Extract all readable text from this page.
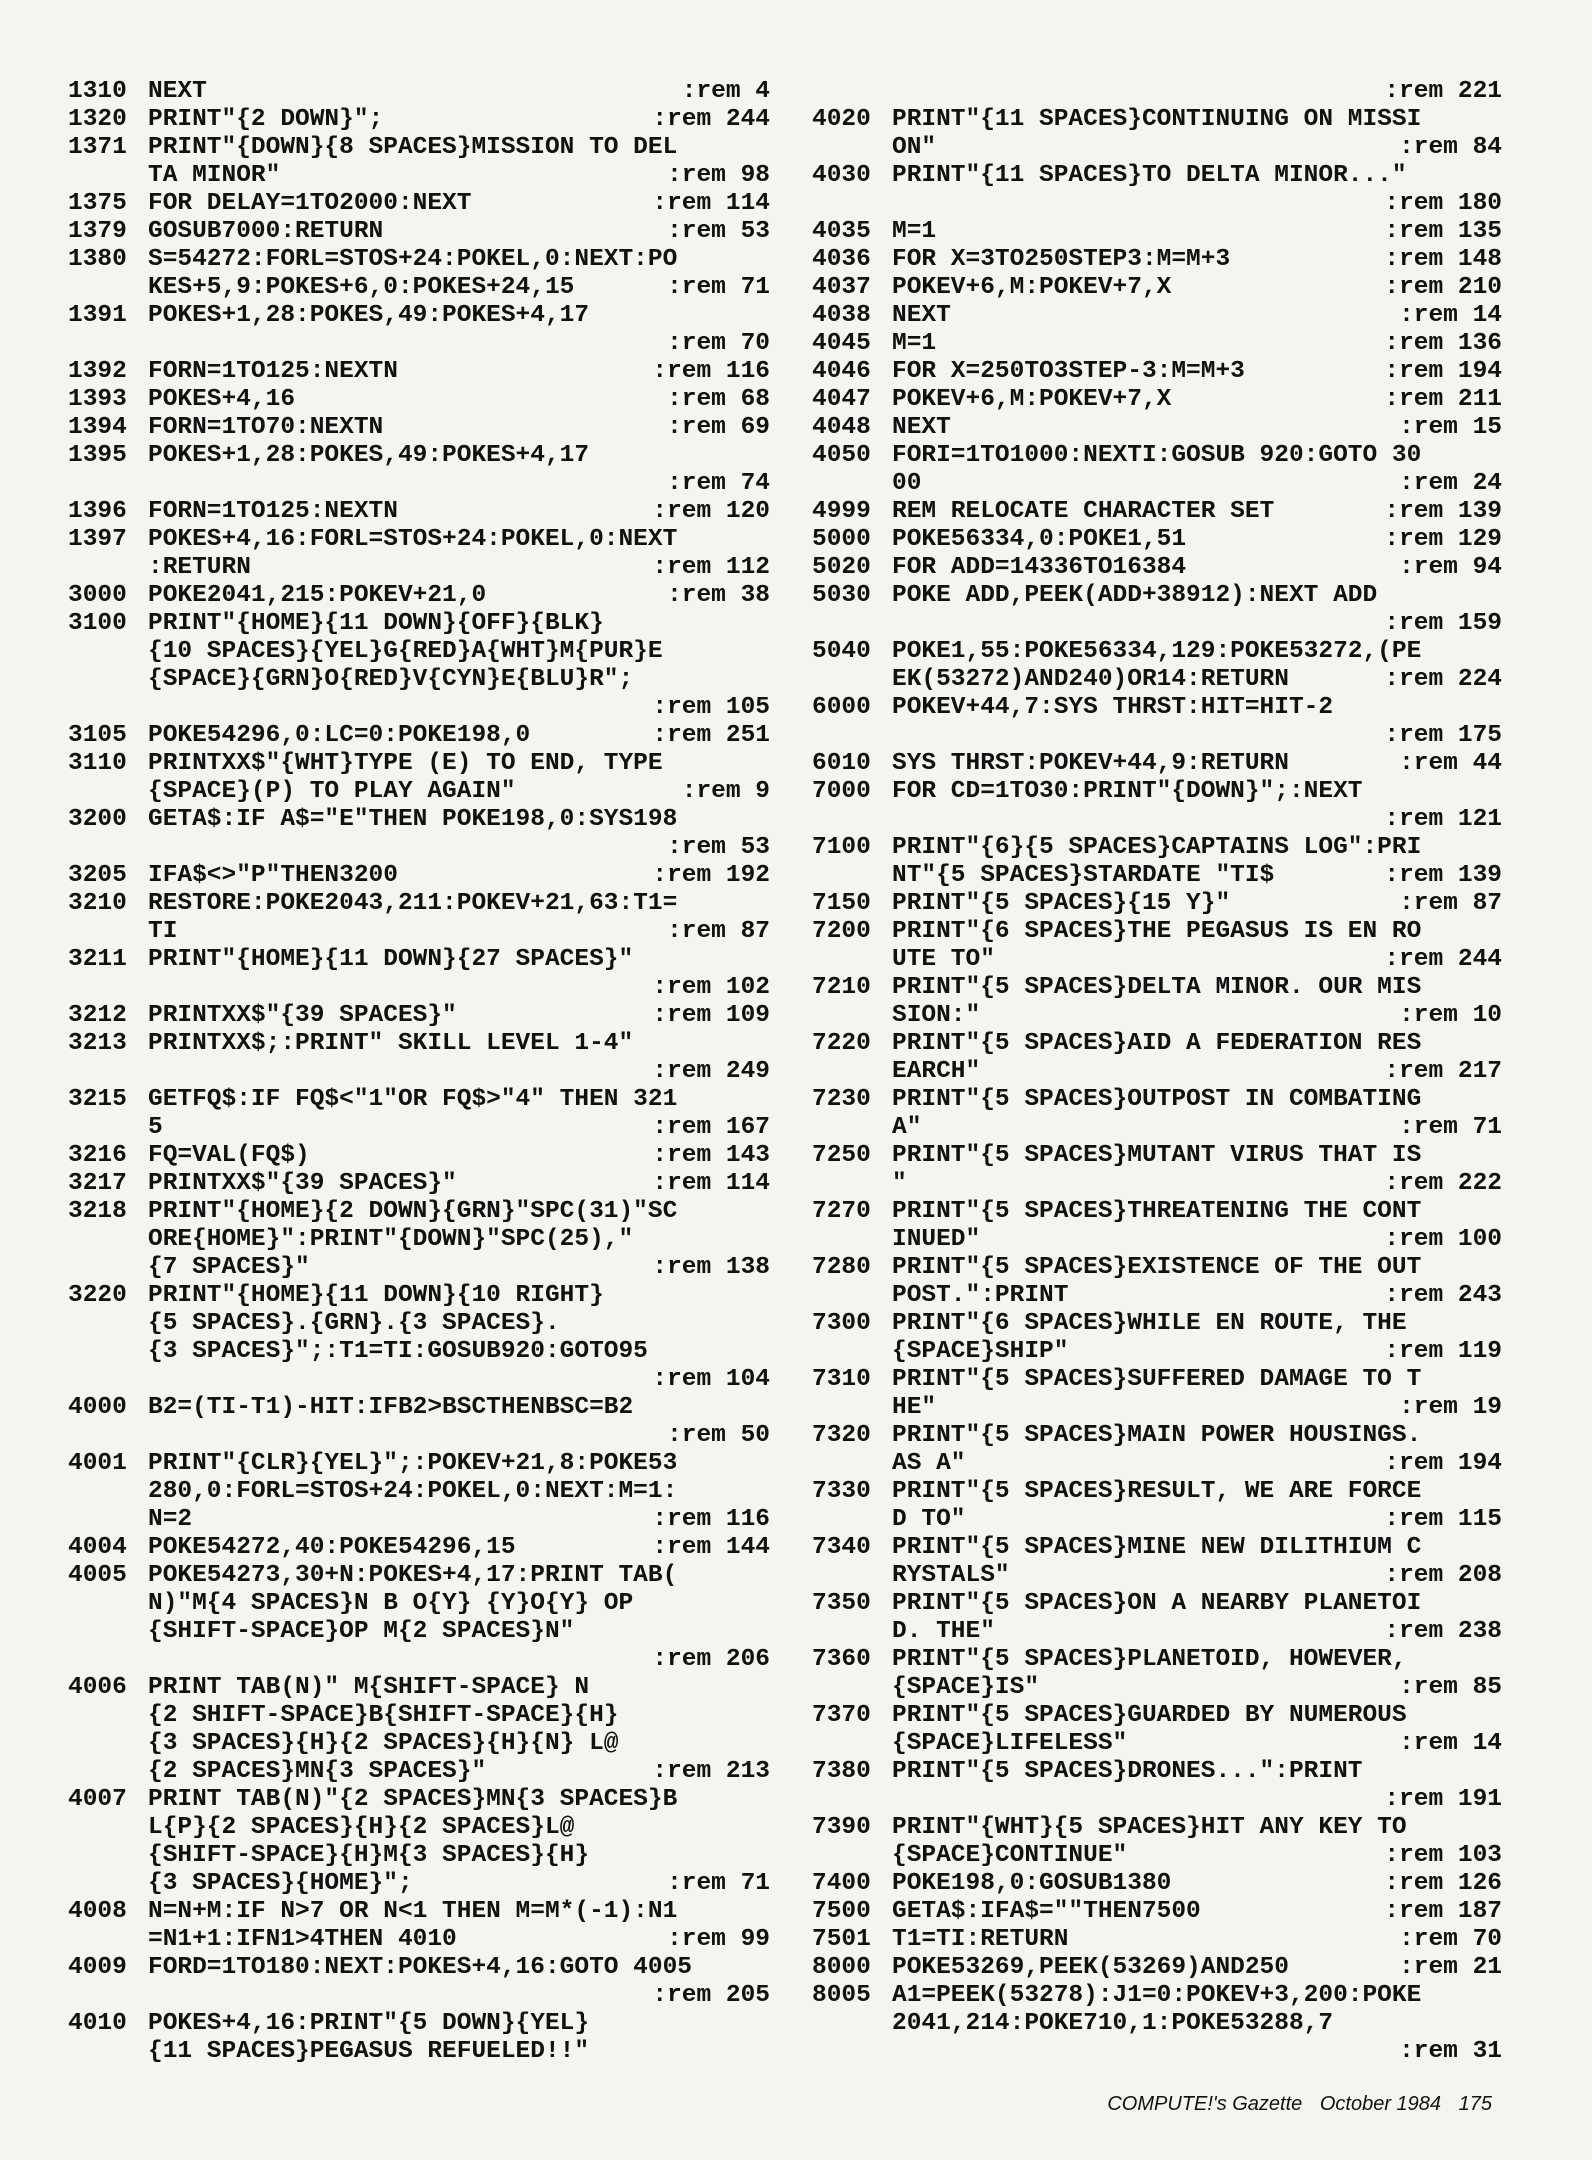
1310 NEXT	:rem 4
1320 PRINT"{2 DOWN}";	:rem 244
1371 PRINT"{DOWN}{8 SPACES}MISSION TO DEL
TA MINOR"	:rem 98
1375 FOR DELAY=1TO2000:NEXT	:rem 114
1379 GOSUB7000:RETURN	:rem 53
1380 S=54272:FORL=STOS+24:POKEL,0:NEXT:PO
KES+5,9:POKES+6,0:POKES+24,15	:rem 71
1391 POKES+1,28:POKES,49:POKES+4,17
:rem 70
1392 FORN=1TO125:NEXTN	:rem 116
1393 POKES+4,16	:rem 68
1394 FORN=1TO70:NEXTN	:rem 69
1395 POKES+1,28:POKES,49:POKES+4,17
:rem 74
1396 FORN=1TO125:NEXTN	:rem 120
1397 POKES+4,16:FORL=STOS+24:POKEL,0:NEXT
:RETURN	:rem 112
3000 POKE2041,215:POKEV+21,0	:rem 38
3100 PRINT"{HOME}{11 DOWN}{OFF}{BLK}
{10 SPACES}{YEL}G{RED}A{WHT}M{PUR}E
{SPACE}{GRN}O{RED}V{CYN}E{BLU}R";
:rem 105
3105 POKE54296,0:LC=0:POKE198,0	:rem 251
3110 PRINTXX$"{WHT}TYPE (E) TO END, TYPE
{SPACE}(P) TO PLAY AGAIN"	:rem 9
3200 GETA$:IF A$="E"THEN POKE198,0:SYS198
:rem 53
3205 IFA$<>"P"THEN3200	:rem 192
3210 RESTORE:POKE2043,211:POKEV+21,63:T1=
TI	:rem 87
3211 PRINT"{HOME}{11 DOWN}{27 SPACES}"
:rem 102
3212 PRINTXX$"{39 SPACES}"	:rem 109
3213 PRINTXX$;:PRINT" SKILL LEVEL 1-4"
:rem 249
3215 GETFQ$:IF FQ$<"1"OR FQ$>"4" THEN 321
5	:rem 167
3216 FQ=VAL(FQ$)	:rem 143
3217 PRINTXX$"{39 SPACES}"	:rem 114
3218 PRINT"{HOME}{2 DOWN}{GRN}"SPC(31)"SC
ORE{HOME}":PRINT"{DOWN}"SPC(25),"
{7 SPACES}"	:rem 138
3220 PRINT"{HOME}{11 DOWN}{10 RIGHT}
{5 SPACES}.{GRN}.{3 SPACES}.
{3 SPACES}";:T1=TI:GOSUB920:GOTO95
:rem 104
4000 B2=(TI-T1)-HIT:IFB2>BSCTHENBSC=B2
:rem 50
4001 PRINT"{CLR}{YEL}";:POKEV+21,8:POKE53
280,0:FORL=STOS+24:POKEL,0:NEXT:M=1:
N=2	:rem 116
4004 POKE54272,40:POKE54296,15	:rem 144
4005 POKE54273,30+N:POKES+4,17:PRINT TAB(
N)"M{4 SPACES}N B O{Y} {Y}O{Y} OP
{SHIFT-SPACE}OP M{2 SPACES}N"
:rem 206
4006 PRINT TAB(N)" M{SHIFT-SPACE} N
{2 SHIFT-SPACE}B{SHIFT-SPACE}{H}
{3 SPACES}{H}{2 SPACES}{H}{N} L@
{2 SPACES}MN{3 SPACES}"	:rem 213
4007 PRINT TAB(N)"{2 SPACES}MN{3 SPACES}B
L{P}{2 SPACES}{H}{2 SPACES}L@
{SHIFT-SPACE}{H}M{3 SPACES}{H}
{3 SPACES}{HOME}";	:rem 71
4008 N=N+M:IF N>7 OR N<1 THEN M=M*(-1):N1
=N1+1:IFN1>4THEN 4010	:rem 99
4009 FORD=1TO180:NEXT:POKES+4,16:GOTO 4005
:rem 205
4010 POKES+4,16:PRINT"{5 DOWN}{YEL}
{11 SPACES}PEGASUS REFUELED!!"
:rem 221
4020 PRINT"{11 SPACES}CONTINUING ON MISSI
ON"	:rem 84
4030 PRINT"{11 SPACES}TO DELTA MINOR..."
:rem 180
4035 M=1	:rem 135
4036 FOR X=3TO250STEP3:M=M+3	:rem 148
4037 POKEV+6,M:POKEV+7,X	:rem 210
4038 NEXT	:rem 14
4045 M=1	:rem 136
4046 FOR X=250TO3STEP-3:M=M+3	:rem 194
4047 POKEV+6,M:POKEV+7,X	:rem 211
4048 NEXT	:rem 15
4050 FORI=1TO1000:NEXTI:GOSUB 920:GOTO 30
00	:rem 24
4999 REM RELOCATE CHARACTER SET	:rem 139
5000 POKE56334,0:POKE1,51	:rem 129
5020 FOR ADD=14336TO16384	:rem 94
5030 POKE ADD,PEEK(ADD+38912):NEXT ADD
:rem 159
5040 POKE1,55:POKE56334,129:POKE53272,(PE
EK(53272)AND240)OR14:RETURN	:rem 224
6000 POKEV+44,7:SYS THRST:HIT=HIT-2
:rem 175
6010 SYS THRST:POKEV+44,9:RETURN	:rem 44
7000 FOR CD=1TO30:PRINT"{DOWN}";:NEXT
:rem 121
7100 PRINT"{6}{5 SPACES}CAPTAINS LOG":PRI
NT"{5 SPACES}STARDATE "TI$	:rem 139
7150 PRINT"{5 SPACES}{15 Y}"	:rem 87
7200 PRINT"{6 SPACES}THE PEGASUS IS EN RO
UTE TO"	:rem 244
7210 PRINT"{5 SPACES}DELTA MINOR. OUR MIS
SION:"	:rem 10
7220 PRINT"{5 SPACES}AID A FEDERATION RES
EARCH"	:rem 217
7230 PRINT"{5 SPACES}OUTPOST IN COMBATING
A"	:rem 71
7250 PRINT"{5 SPACES}MUTANT VIRUS THAT IS
"	:rem 222
7270 PRINT"{5 SPACES}THREATENING THE CONT
INUED"	:rem 100
7280 PRINT"{5 SPACES}EXISTENCE OF THE OUT
POST.":PRINT	:rem 243
7300 PRINT"{6 SPACES}WHILE EN ROUTE, THE
{SPACE}SHIP"	:rem 119
7310 PRINT"{5 SPACES}SUFFERED DAMAGE TO T
HE"	:rem 19
7320 PRINT"{5 SPACES}MAIN POWER HOUSINGS.
AS A"	:rem 194
7330 PRINT"{5 SPACES}RESULT, WE ARE FORCE
D TO"	:rem 115
7340 PRINT"{5 SPACES}MINE NEW DILITHIUM C
RYSTALS"	:rem 208
7350 PRINT"{5 SPACES}ON A NEARBY PLANETOI
D. THE"	:rem 238
7360 PRINT"{5 SPACES}PLANETOID, HOWEVER,
{SPACE}IS"	:rem 85
7370 PRINT"{5 SPACES}GUARDED BY NUMEROUS
{SPACE}LIFELESS"	:rem 14
7380 PRINT"{5 SPACES}DRONES...":PRINT
:rem 191
7390 PRINT"{WHT}{5 SPACES}HIT ANY KEY TO
{SPACE}CONTINUE"	:rem 103
7400 POKE198,0:GOSUB1380	:rem 126
7500 GETA$:IFA$=""THEN7500	:rem 187
7501 T1=TI:RETURN	:rem 70
8000 POKE53269,PEEK(53269)AND250	:rem 21
8005 A1=PEEK(53278):J1=0:POKEV+3,200:POKE
2041,214:POKE710,1:POKE53288,7
:rem 31
COMPUTE!'s Gazette October 1984 175
